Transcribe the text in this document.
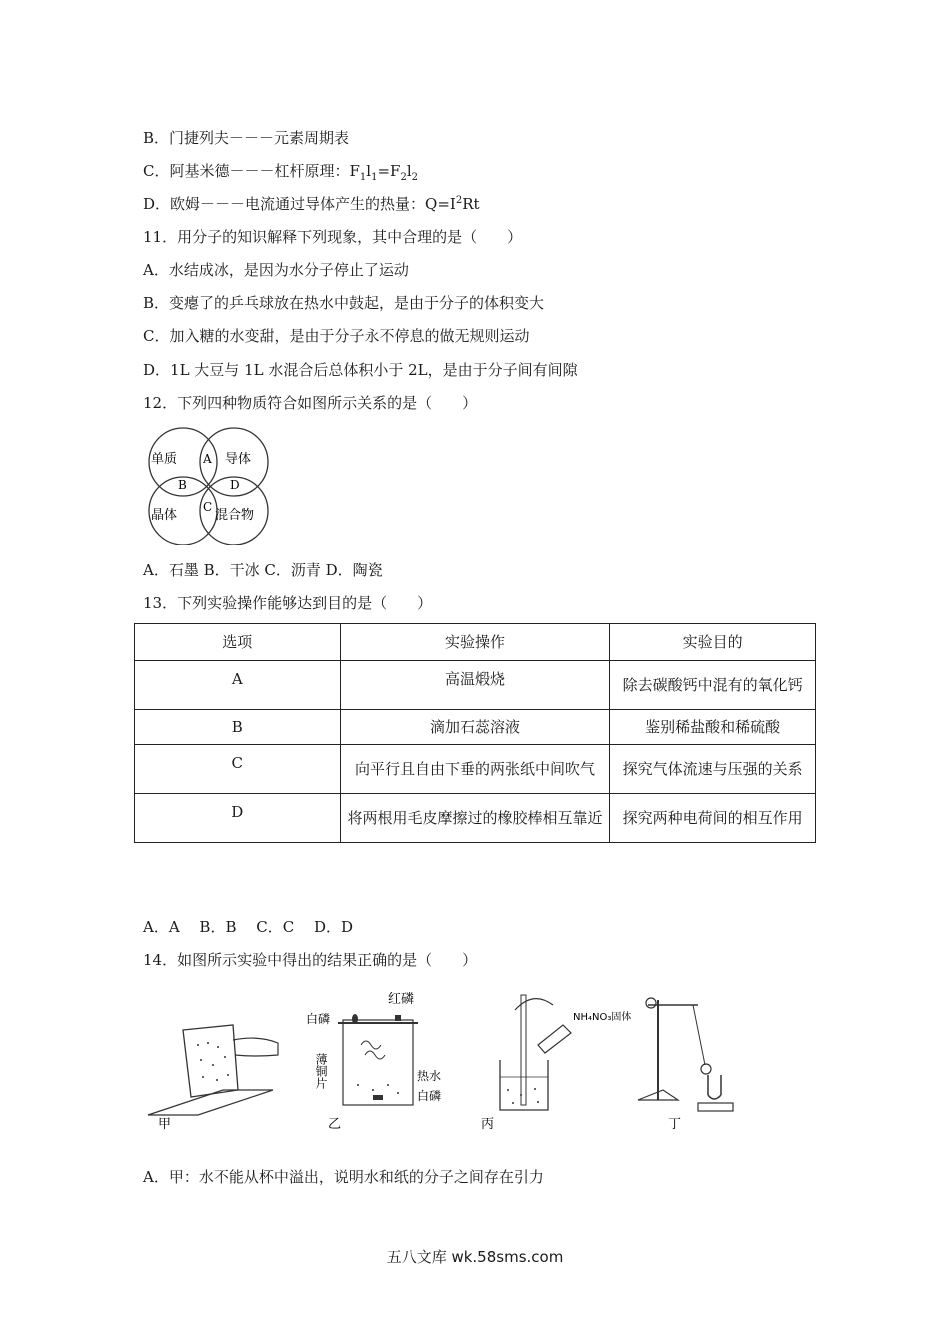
B．门捷列夫－－－元素周期表
C．阿基米德－－－杠杆原理：$F_1l_1=F_2l_2$
D．欧姆－－－电流通过导体产生的热量：$Q=I^2Rt$
11．用分子的知识解释下列现象，其中合理的是（　　）
A．水结成冰，是因为水分子停止了运动
B．变瘪了的乒乓球放在热水中鼓起，是由于分子的体积变大
C．加入糖的水变甜，是由于分子永不停息的做无规则运动
D．1L 大豆与 1L 水混合后总体积小于 2L，是由于分子间有间隙
12．下列四种物质符合如图所示关系的是（　　）
单质	导体
晶体	混合物
A
B
C
D
A．石墨 B．干冰 C．沥青 D．陶瓷
13．下列实验操作能够达到目的是（　　）
选项	实验操作	实验目的
A	高温煅烧	除去碳酸钙中混有的氧化钙
B	滴加石蕊溶液	鉴别稀盐酸和稀硫酸
C	向平行且自由下垂的两张纸中间吹气	探究气体流速与压强的关系
D	将两根用毛皮摩擦过的橡胶棒相互靠近	探究两种电荷间的相互作用
A．A　 B．B　 C．C　 D．D
14．如图所示实验中得出的结果正确的是（　　）
甲
红磷
白磷
薄铜片	热水
白磷
乙
NH₄NO₃固体
丙	丁
A．甲：水不能从杯中溢出，说明水和纸的分子之间存在引力
五八文库 wk.58sms.com
